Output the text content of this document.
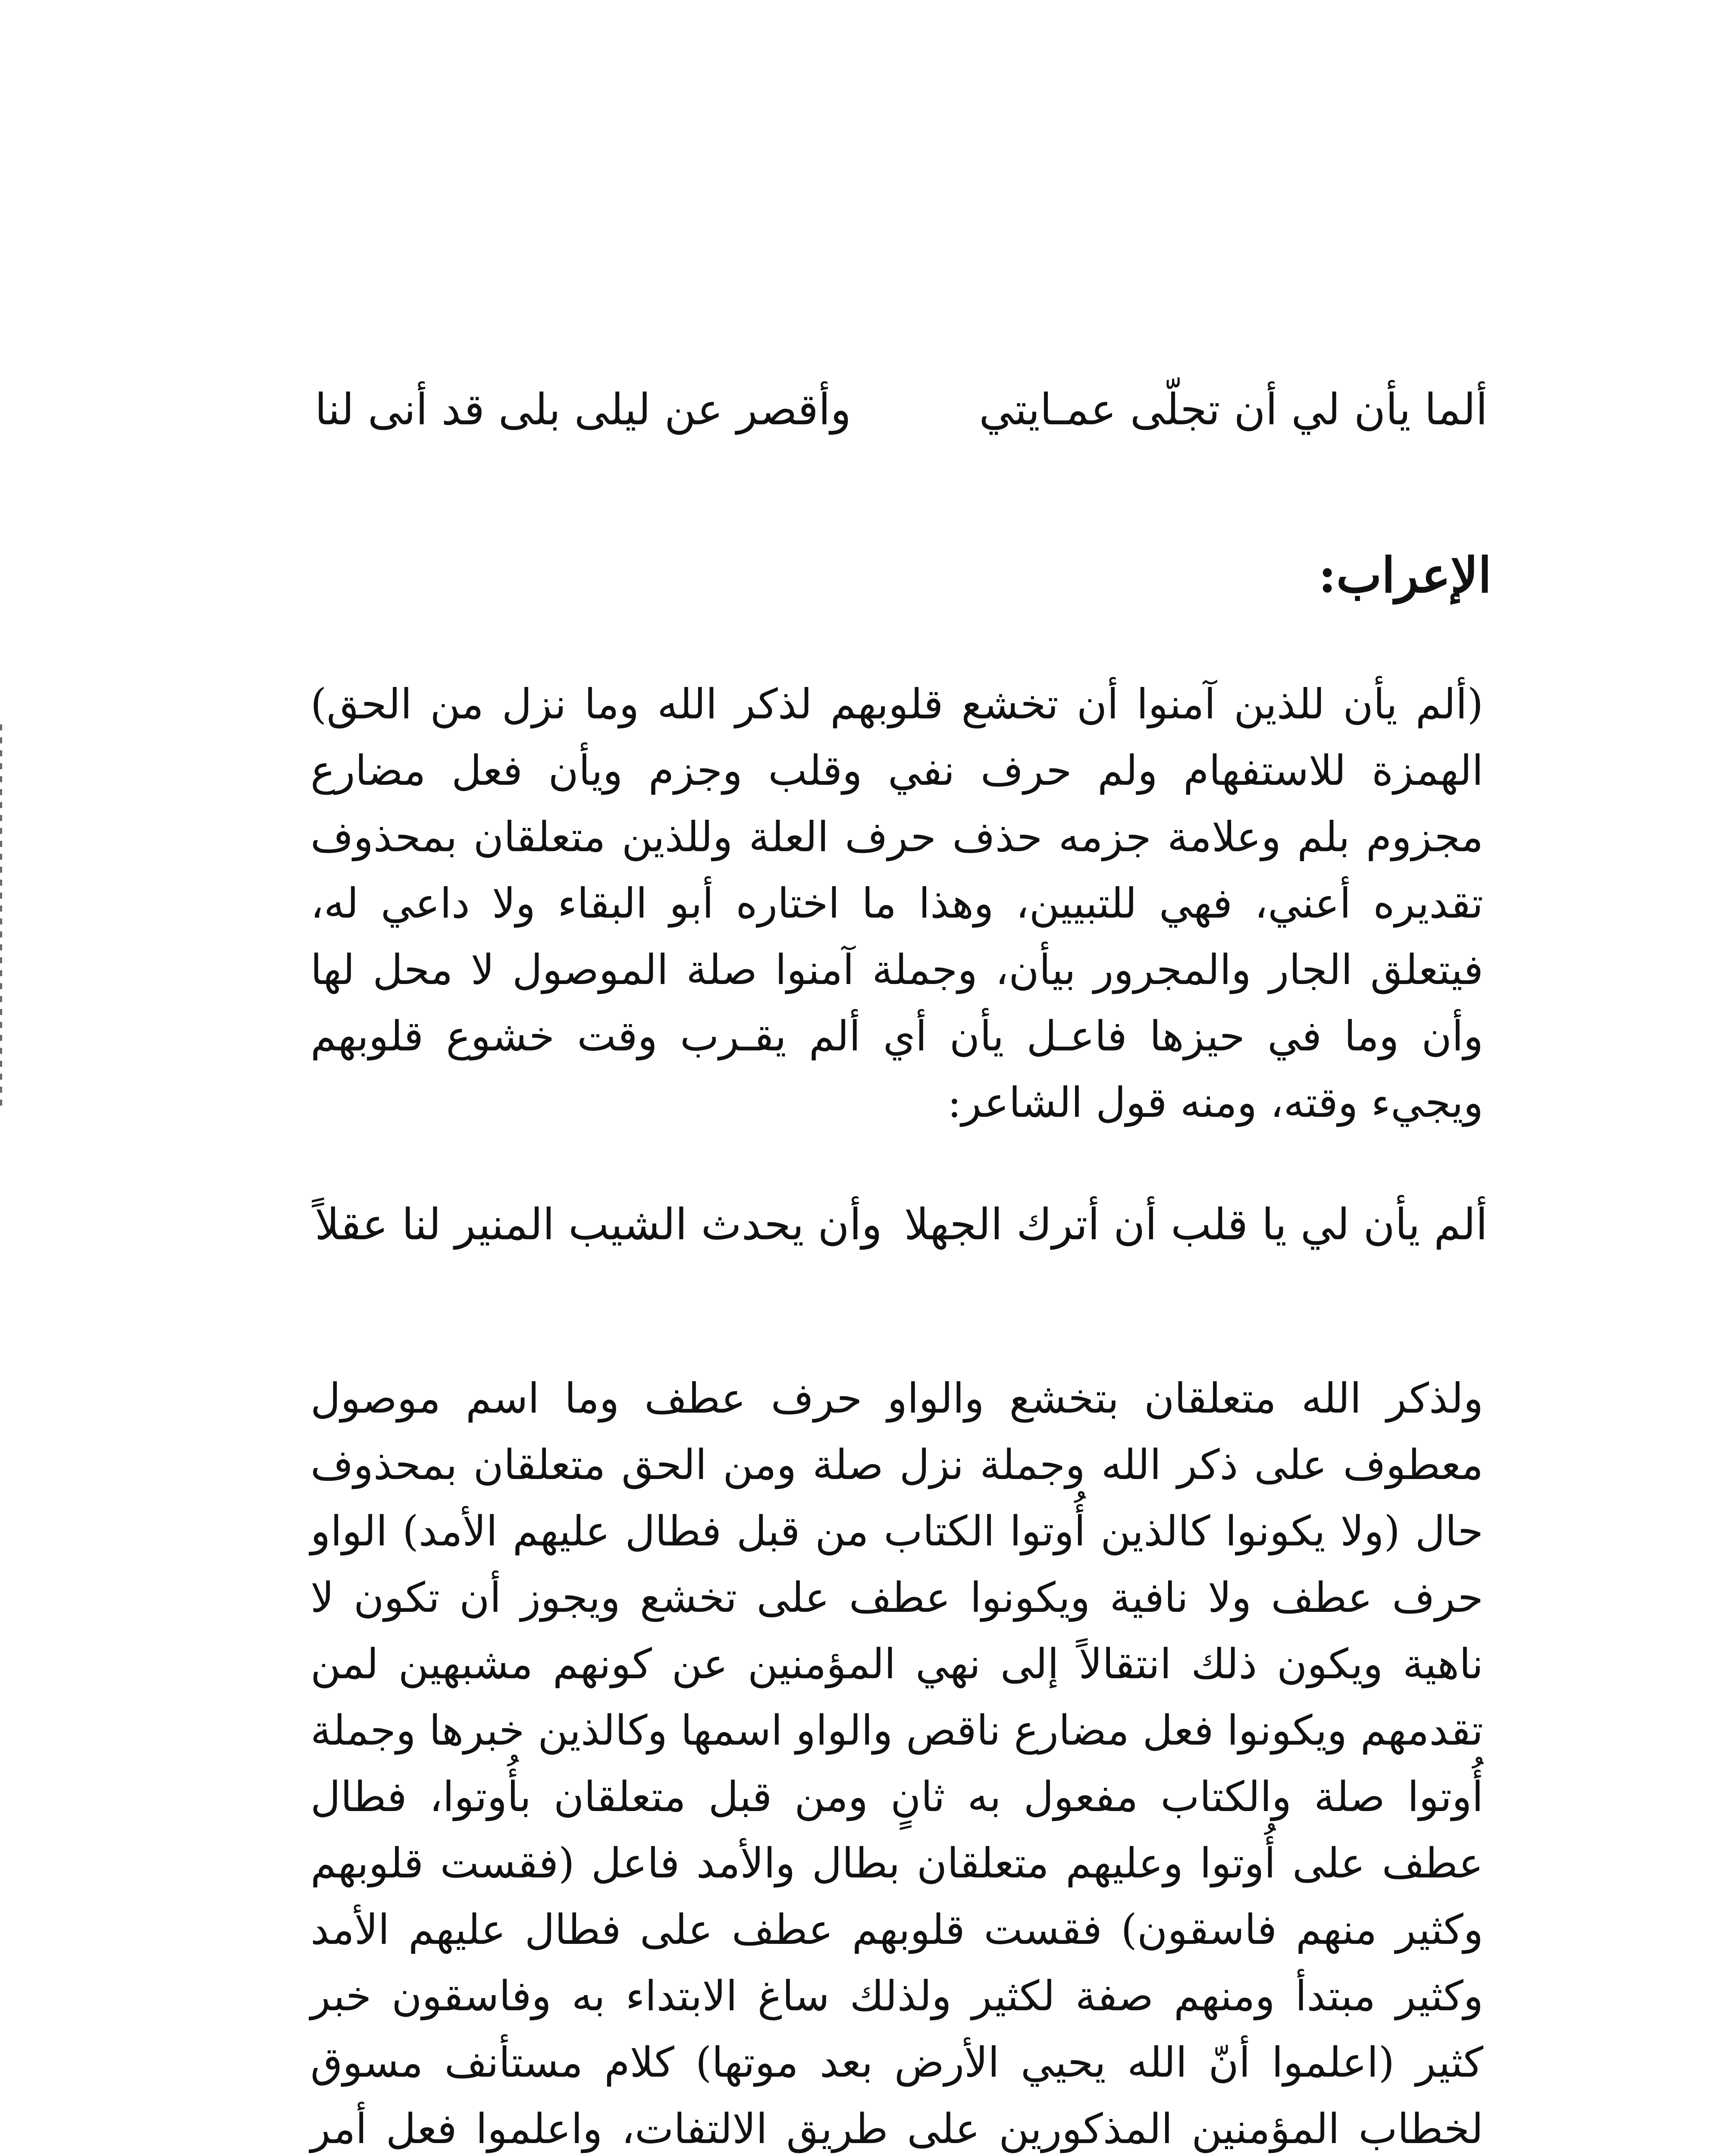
ألما يأن لي أن تجلّى عمـايتي
وأقصر عن ليلى بلى قد أنى لنا
الإعراب:

(ألم يأن للذين آمنوا أن تخشع قلوبهم لذكر الله وما نزل من الحق) الهمزة للاستفهام ولم حرف نفي وقلب وجزم ويأن فعل مضارع مجزوم بلم وعلامة جزمه حذف حرف العلة وللذين متعلقان بمحذوف تقديره أعني، فهي للتبيين، وهذا ما اختاره أبو البقاء ولا داعي له، فيتعلق الجار والمجرور بيأن، وجملة آمنوا صلة الموصول لا محل لها وأن وما في حيزها فاعـل يأن أي ألم يقـرب وقت خشوع قلوبهم ويجيء وقته، ومنه قول الشاعر:

ألم يأن لي يا قلب أن أترك الجهلا
وأن يحدث الشيب المنير لنا عقلاً

ولذكر الله متعلقان بتخشع والواو حرف عطف وما اسم موصول معطوف على ذكر الله وجملة نزل صلة ومن الحق متعلقان بمحذوف حال (ولا يكونوا كالذين أُوتوا الكتاب من قبل فطال عليهم الأمد) الواو حرف عطف ولا نافية ويكونوا عطف على تخشع ويجوز أن تكون لا ناهية ويكون ذلك انتقالاً إلى نهي المؤمنين عن كونهم مشبهين لمن تقدمهم ويكونوا فعل مضارع ناقص والواو اسمها وكالذين خبرها وجملة أُوتوا صلة والكتاب مفعول به ثانٍ ومن قبل متعلقان بأُوتوا، فطال عطف على أُوتوا وعليهم متعلقان بطال والأمد فاعل (فقست قلوبهم وكثير منهم فاسقون) فقست قلوبهم عطف على فطال عليهم الأمد وكثير مبتدأ ومنهم صفة لكثير ولذلك ساغ الابتداء به وفاسقون خبر كثير (اعلموا أنّ الله يحيي الأرض بعد موتها) كلام مستأنف مسوق لخطاب المؤمنين المذكورين على طريق الالتفات، واعلموا فعل أمر
